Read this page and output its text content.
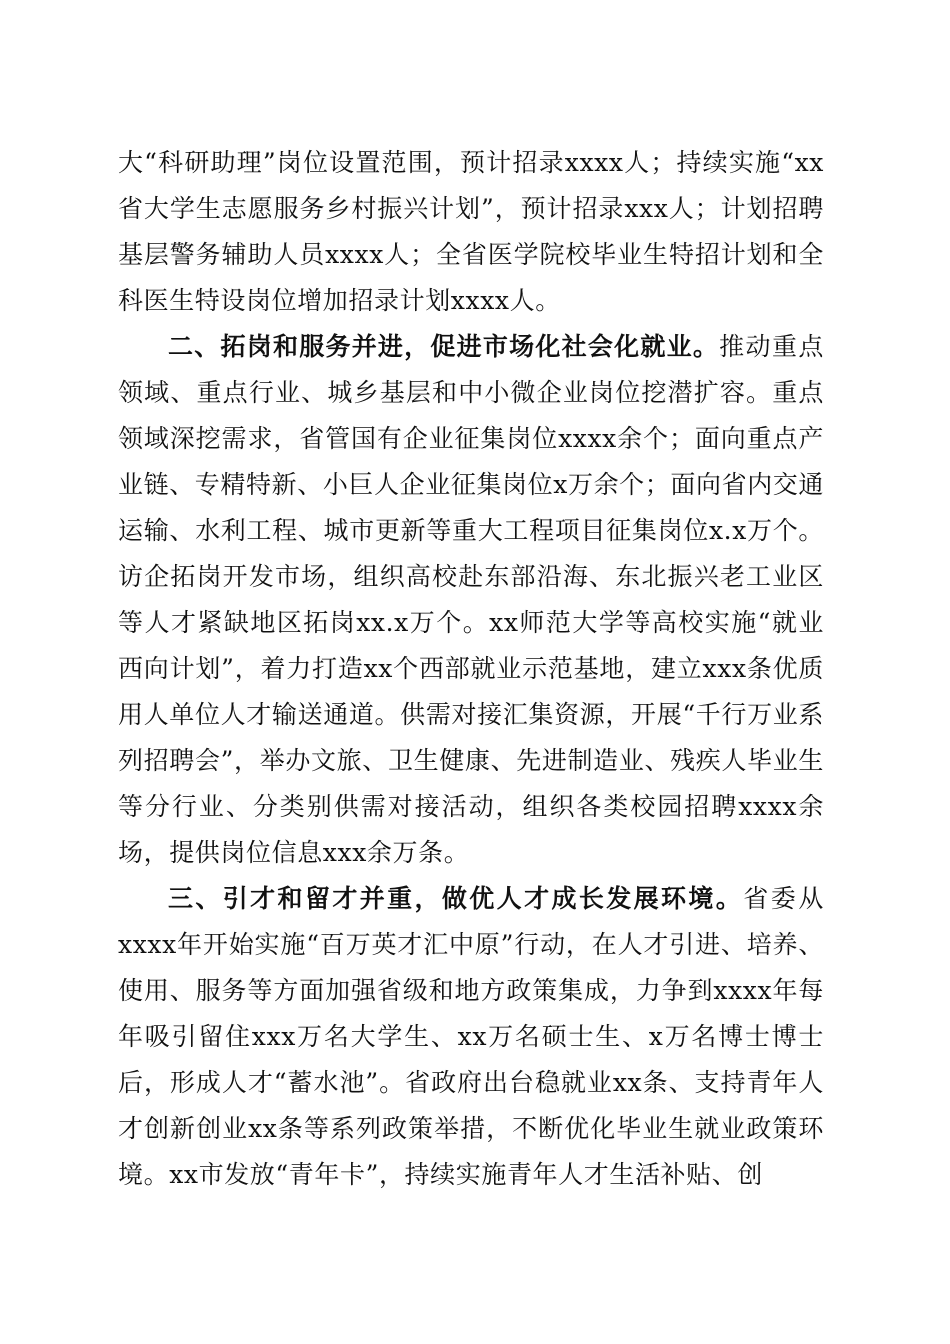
大“科研助理”岗位设置范围，预计招录xxxx人；持续实施“xx省大学生志愿服务乡村振兴计划”，预计招录xxx人；计划招聘基层警务辅助人员xxxx人；全省医学院校毕业生特招计划和全科医生特设岗位增加招录计划xxxx人。

二、拓岗和服务并进，促进市场化社会化就业。推动重点领域、重点行业、城乡基层和中小微企业岗位挖潜扩容。重点领域深挖需求，省管国有企业征集岗位xxxx余个；面向重点产业链、专精特新、小巨人企业征集岗位x万余个；面向省内交通运输、水利工程、城市更新等重大工程项目征集岗位x.x万个。访企拓岗开发市场，组织高校赴东部沿海、东北振兴老工业区等人才紧缺地区拓岗xx.x万个。xx师范大学等高校实施“就业西向计划”，着力打造xx个西部就业示范基地，建立xxx条优质用人单位人才输送通道。供需对接汇集资源，开展“千行万业系列招聘会”，举办文旅、卫生健康、先进制造业、残疾人毕业生等分行业、分类别供需对接活动，组织各类校园招聘xxxx余场，提供岗位信息xxx余万条。

三、引才和留才并重，做优人才成长发展环境。省委从xxxx年开始实施“百万英才汇中原”行动，在人才引进、培养、使用、服务等方面加强省级和地方政策集成，力争到xxxx年每年吸引留住xxx万名大学生、xx万名硕士生、x万名博士博士后，形成人才“蓄水池”。省政府出台稳就业xx条、支持青年人才创新创业xx条等系列政策举措，不断优化毕业生就业政策环境。xx市发放“青年卡”，持续实施青年人才生活补贴、创
